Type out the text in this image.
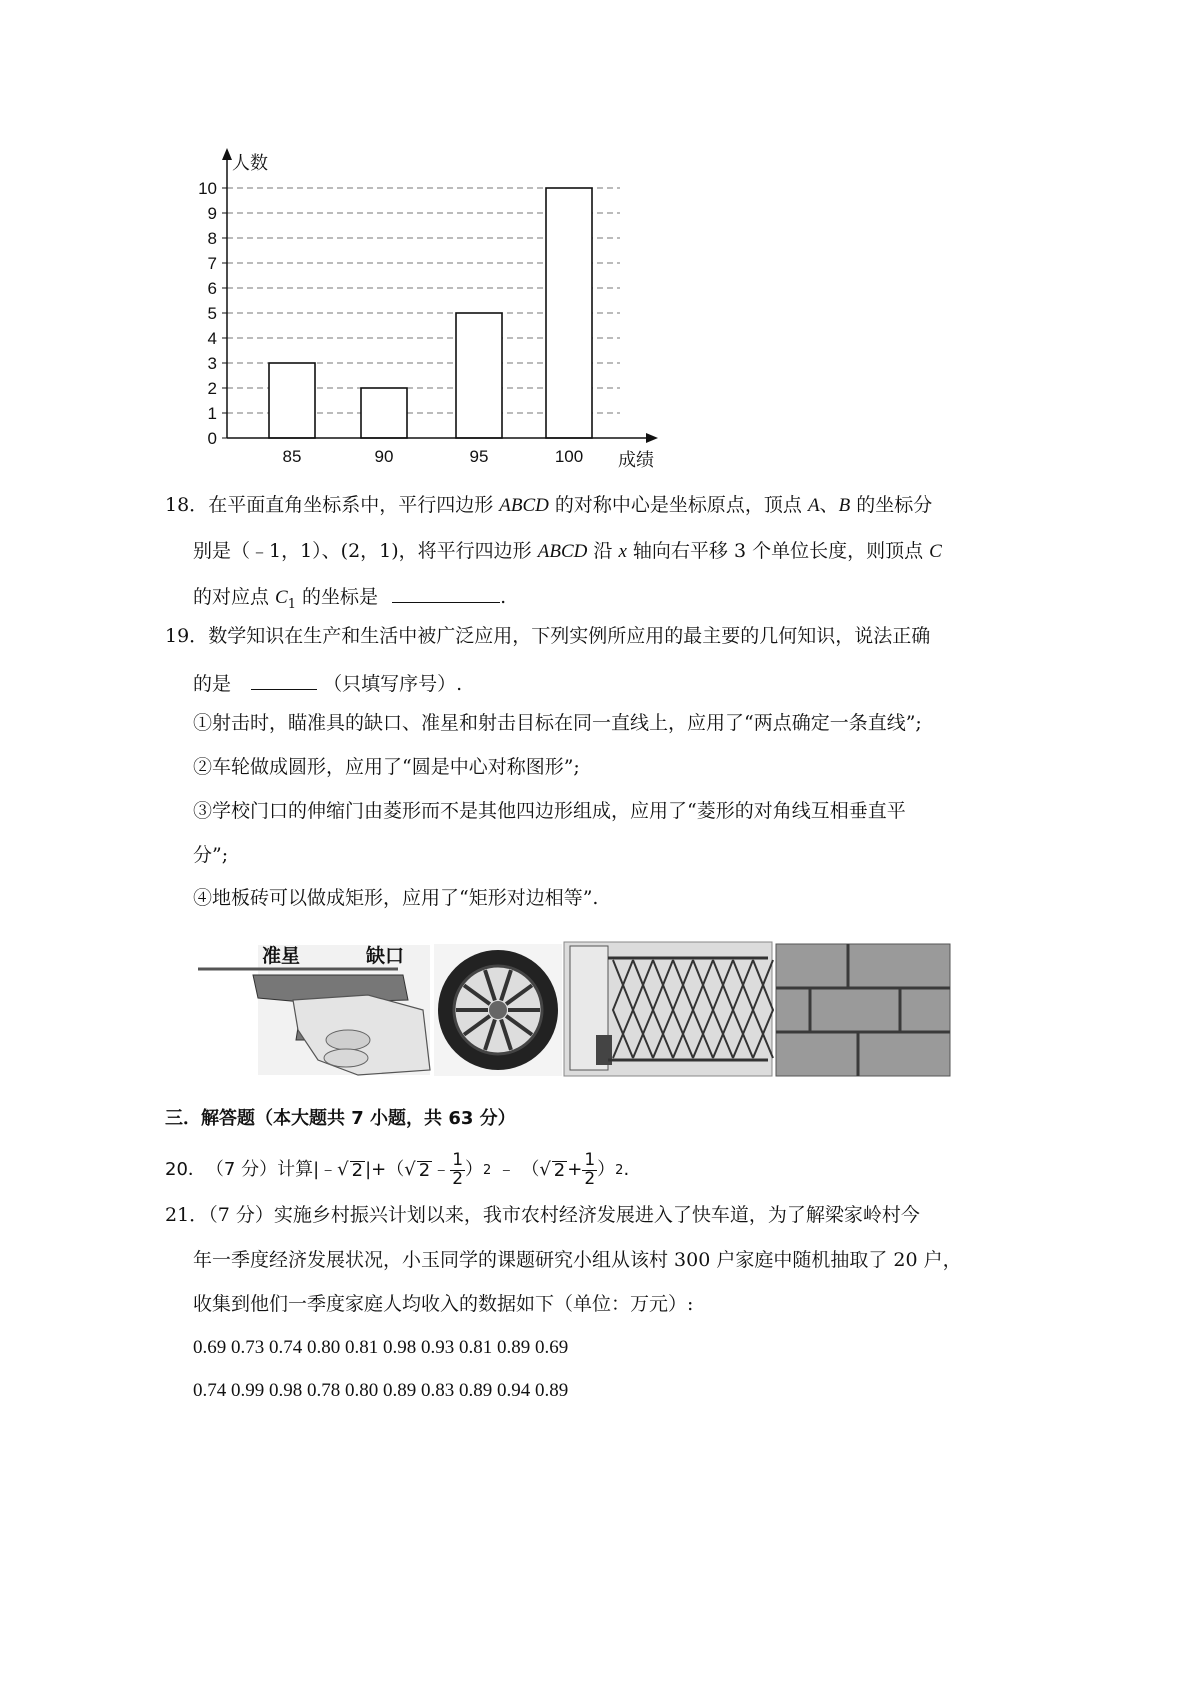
0
1
2
3
4
5
6
7
8
9
10
85	90	95	100
人数
成绩
18．在平面直角坐标系中，平行四边形 ABCD 的对称中心是坐标原点，顶点 A、B 的坐标分
别是（﹣1，1）、(2，1)，将平行四边形 ABCD 沿 x 轴向右平移 3 个单位长度，则顶点 C
的对应点 $C_1$ 的坐标是	.
19．数学知识在生产和生活中被广泛应用，下列实例所应用的最主要的几何知识，说法正确
的是	（只填写序号）.
①射击时，瞄准具的缺口、准星和射击目标在同一直线上，应用了“两点确定一条直线”;
②车轮做成圆形，应用了“圆是中心对称图形”;
③学校门口的伸缩门由菱形而不是其他四边形组成，应用了“菱形的对角线互相垂直平
分”;
④地板砖可以做成矩形，应用了“矩形对边相等”.
准星	缺口
三．解答题（本大题共 7 小题，共 63 分）
20． （7 分）计算 |﹣ √ 2 |+ （ √ 2 ﹣ $\frac{1}{2}$ ） 2 ﹣ （ √ $2 + \frac{1}{2}$ ） 2 .
21．（7 分）实施乡村振兴计划以来，我市农村经济发展进入了快车道，为了解梁家岭村今
年一季度经济发展状况，小玉同学的课题研究小组从该村 300 户家庭中随机抽取了 20 户，
收集到他们一季度家庭人均收入的数据如下（单位：万元）:
0.69 0.73 0.74 0.80 0.81 0.98 0.93 0.81 0.89 0.69
0.74 0.99 0.98 0.78 0.80 0.89 0.83 0.89 0.94 0.89
